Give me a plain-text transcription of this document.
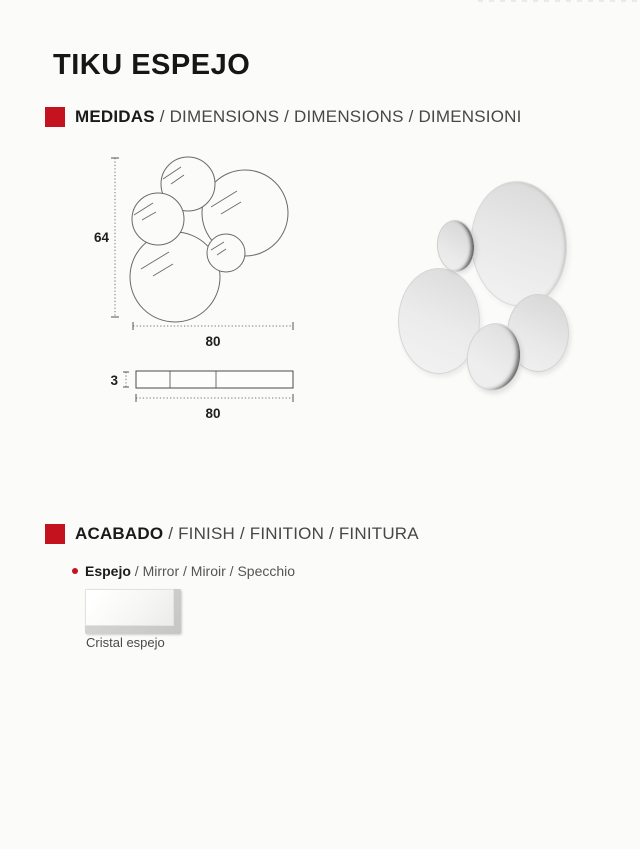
TIKU ESPEJO
MEDIDAS / DIMENSIONS / DIMENSIONS / DIMENSIONI
64
80
3
80
ACABADO / FINISH / FINITION / FINITURA
Espejo / Mirror / Miroir / Specchio
Cristal espejo
